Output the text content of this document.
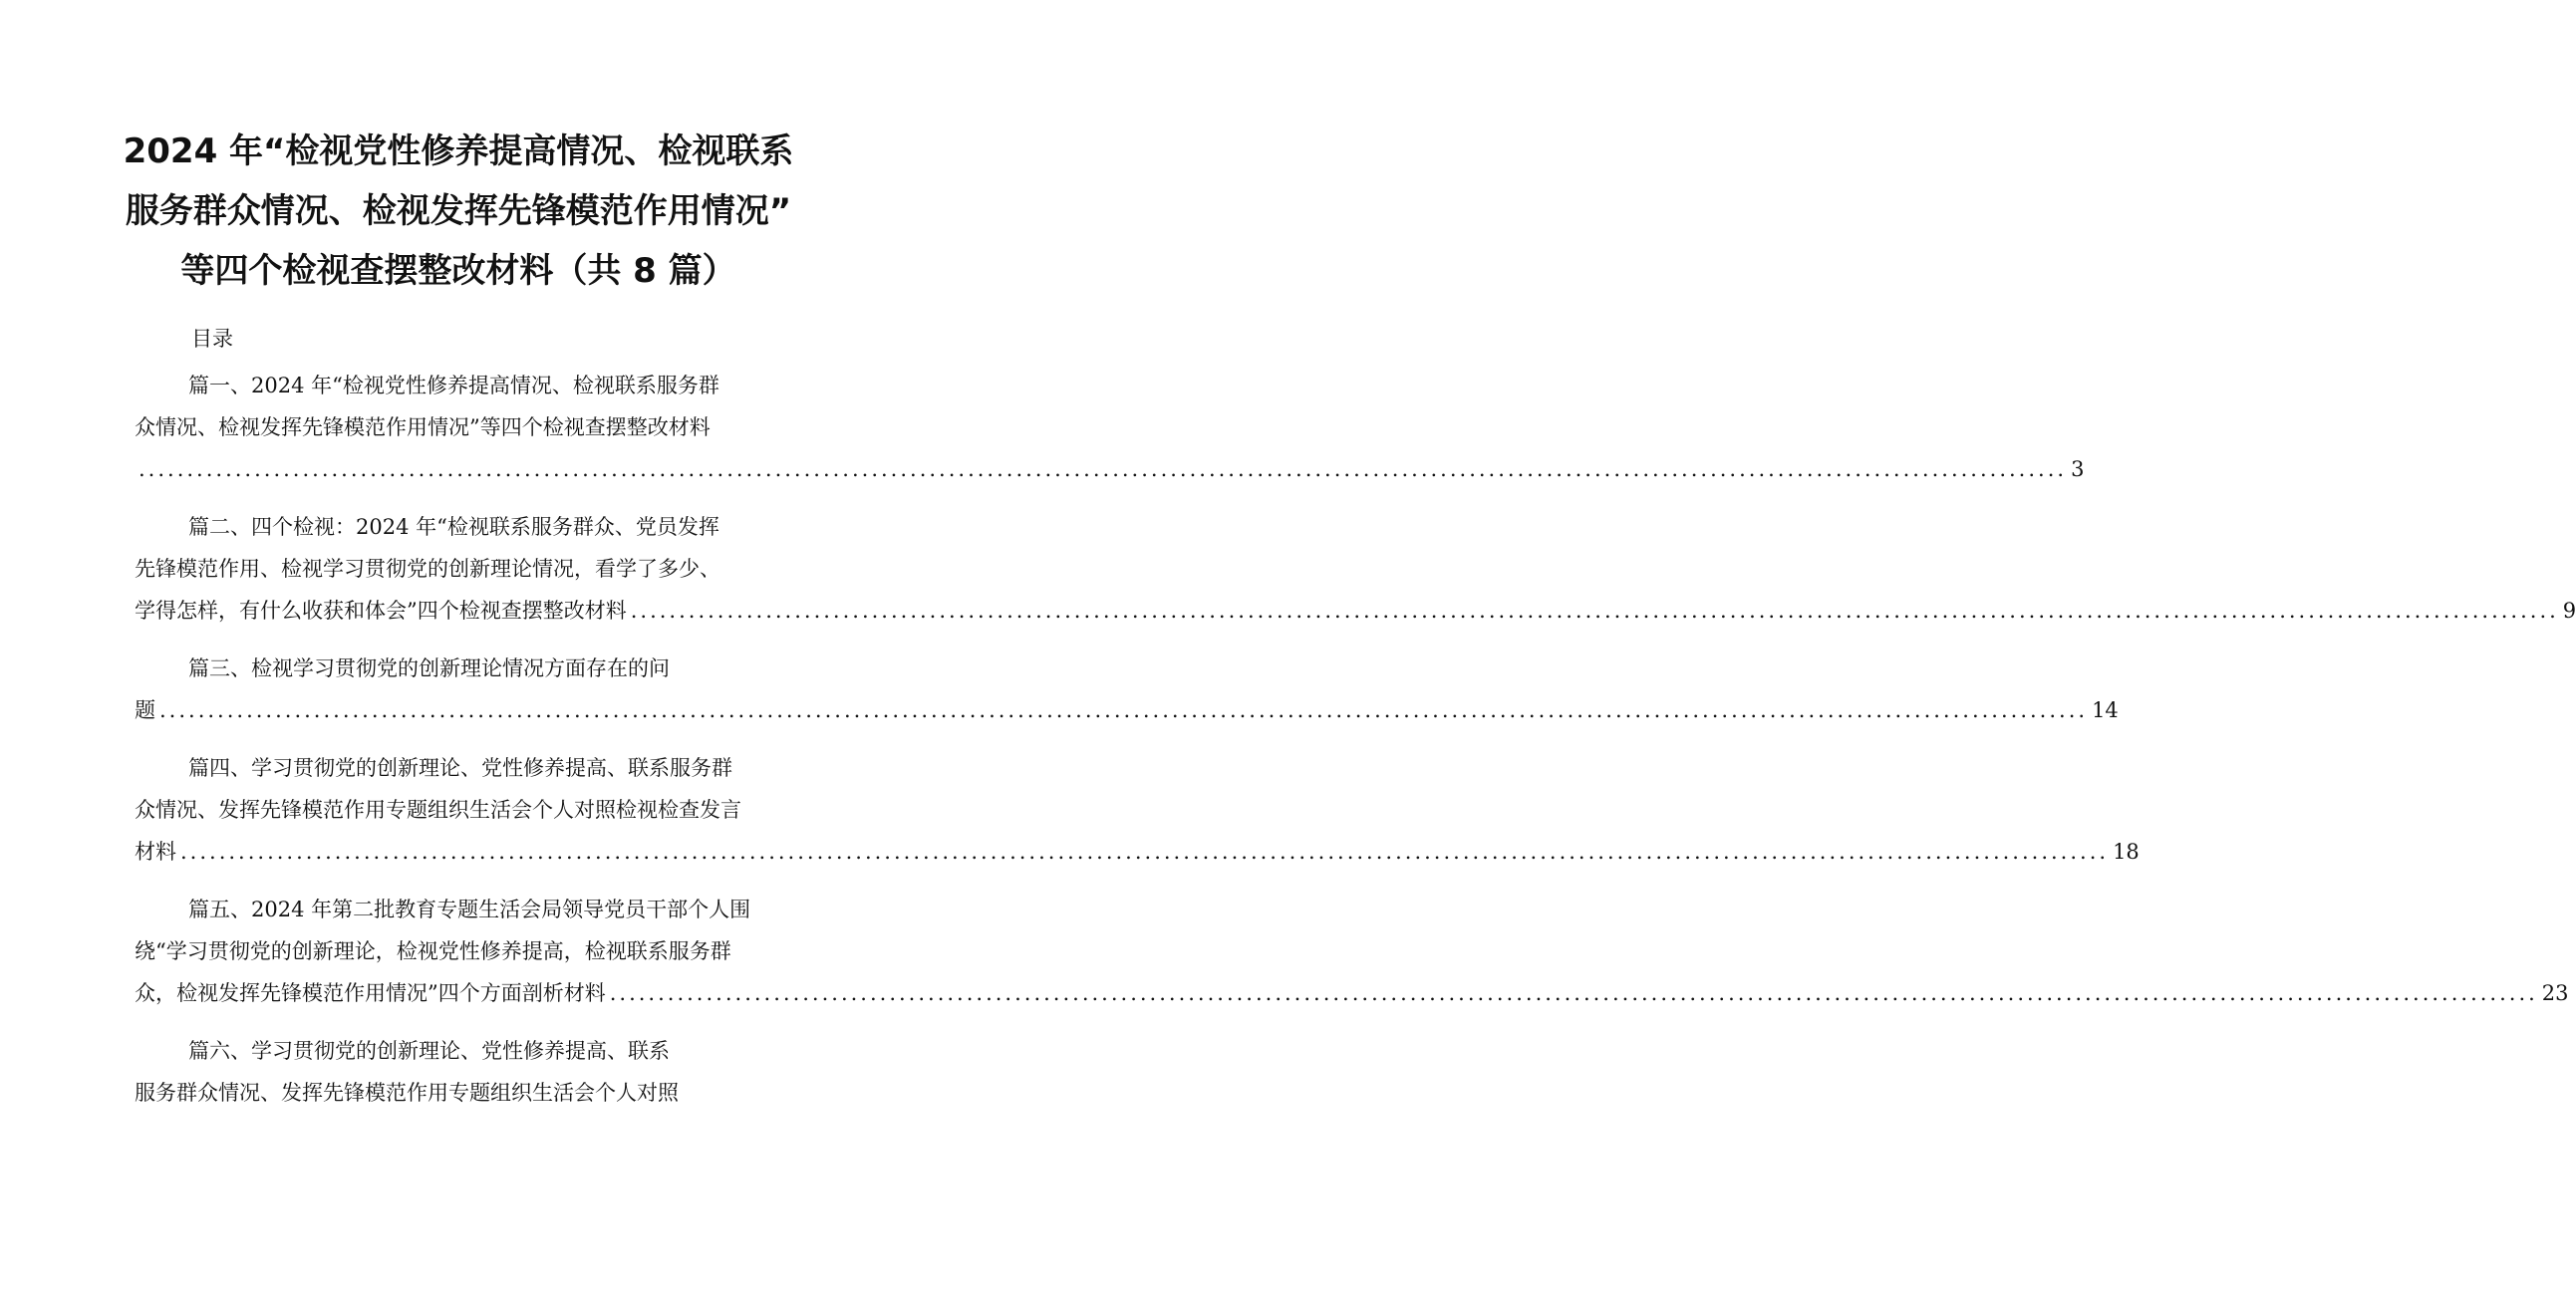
2024 年“检视党性修养提高情况、检视联系
服务群众情况、检视发挥先锋模范作用情况”
等四个检视查摆整改材料（共 8 篇）
目录
篇一、2024 年“检视党性修养提高情况、检视联系服务群
众情况、检视发挥先锋模范作用情况”等四个检视查摆整改材料
........................................................................................................................................................................................................ 3
篇二、四个检视：2024 年“检视联系服务群众、党员发挥
先锋模范作用、检视学习贯彻党的创新理论情况，看学了多少、
学得怎样，有什么收获和体会”四个检视查摆整改材料 ........................................................................................................................................................................................................ 9
篇三、检视学习贯彻党的创新理论情况方面存在的问
题 ........................................................................................................................................................................................................ 14
篇四、学习贯彻党的创新理论、党性修养提高、联系服务群
众情况、发挥先锋模范作用专题组织生活会个人对照检视检查发言
材料 ........................................................................................................................................................................................................ 18
篇五、2024 年第二批教育专题生活会局领导党员干部个人围
绕“学习贯彻党的创新理论，检视党性修养提高，检视联系服务群
众，检视发挥先锋模范作用情况”四个方面剖析材料 ........................................................................................................................................................................................................ 23
篇六、学习贯彻党的创新理论、党性修养提高、联系
服务群众情况、发挥先锋模范作用专题组织生活会个人对照
